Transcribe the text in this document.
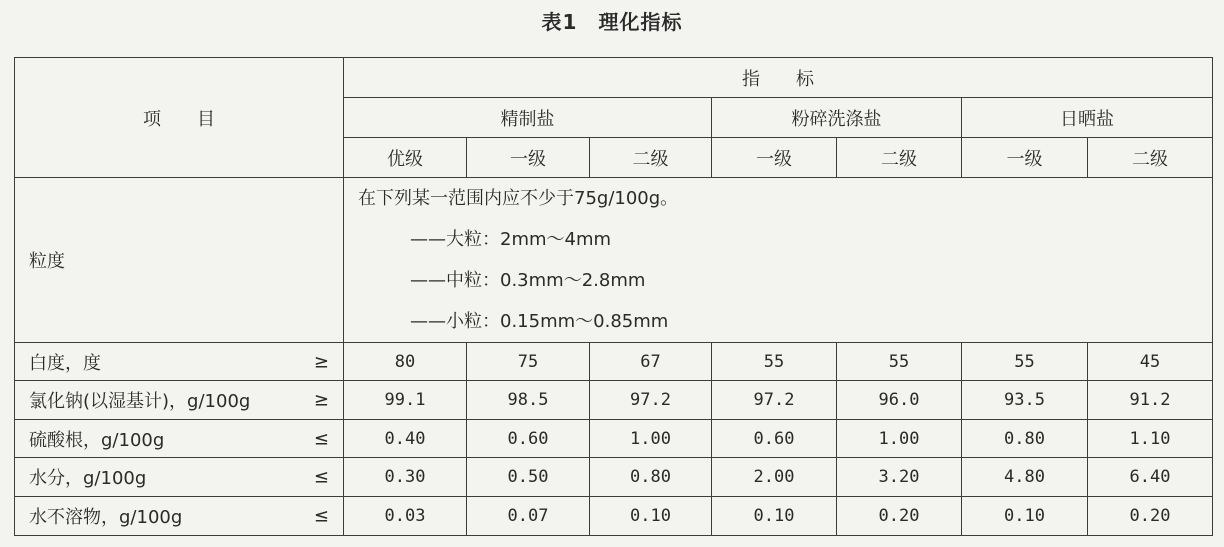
表1　理化指标
项　　目	指　　标						
	精制盐			粉碎洗涤盐		日晒盐	
	优级	一级	二级	一级	二级	一级	二级
粒度	在下列某一范围内应不少于75g/100g。
——大粒：2mm～4mm
——中粒：0.3mm～2.8mm
——小粒：0.15mm～0.85mm						

白度，度 ≥	80	75	67	55	55	55	45
氯化钠(以湿基计)，g/100g ≥	99.1	98.5	97.2	97.2	96.0	93.5	91.2
硫酸根，g/100g ≤	0.40	0.60	1.00	0.60	1.00	0.80	1.10
水分，g/100g ≤	0.30	0.50	0.80	2.00	3.20	4.80	6.40
水不溶物，g/100g ≤	0.03	0.07	0.10	0.10	0.20	0.10	0.20
